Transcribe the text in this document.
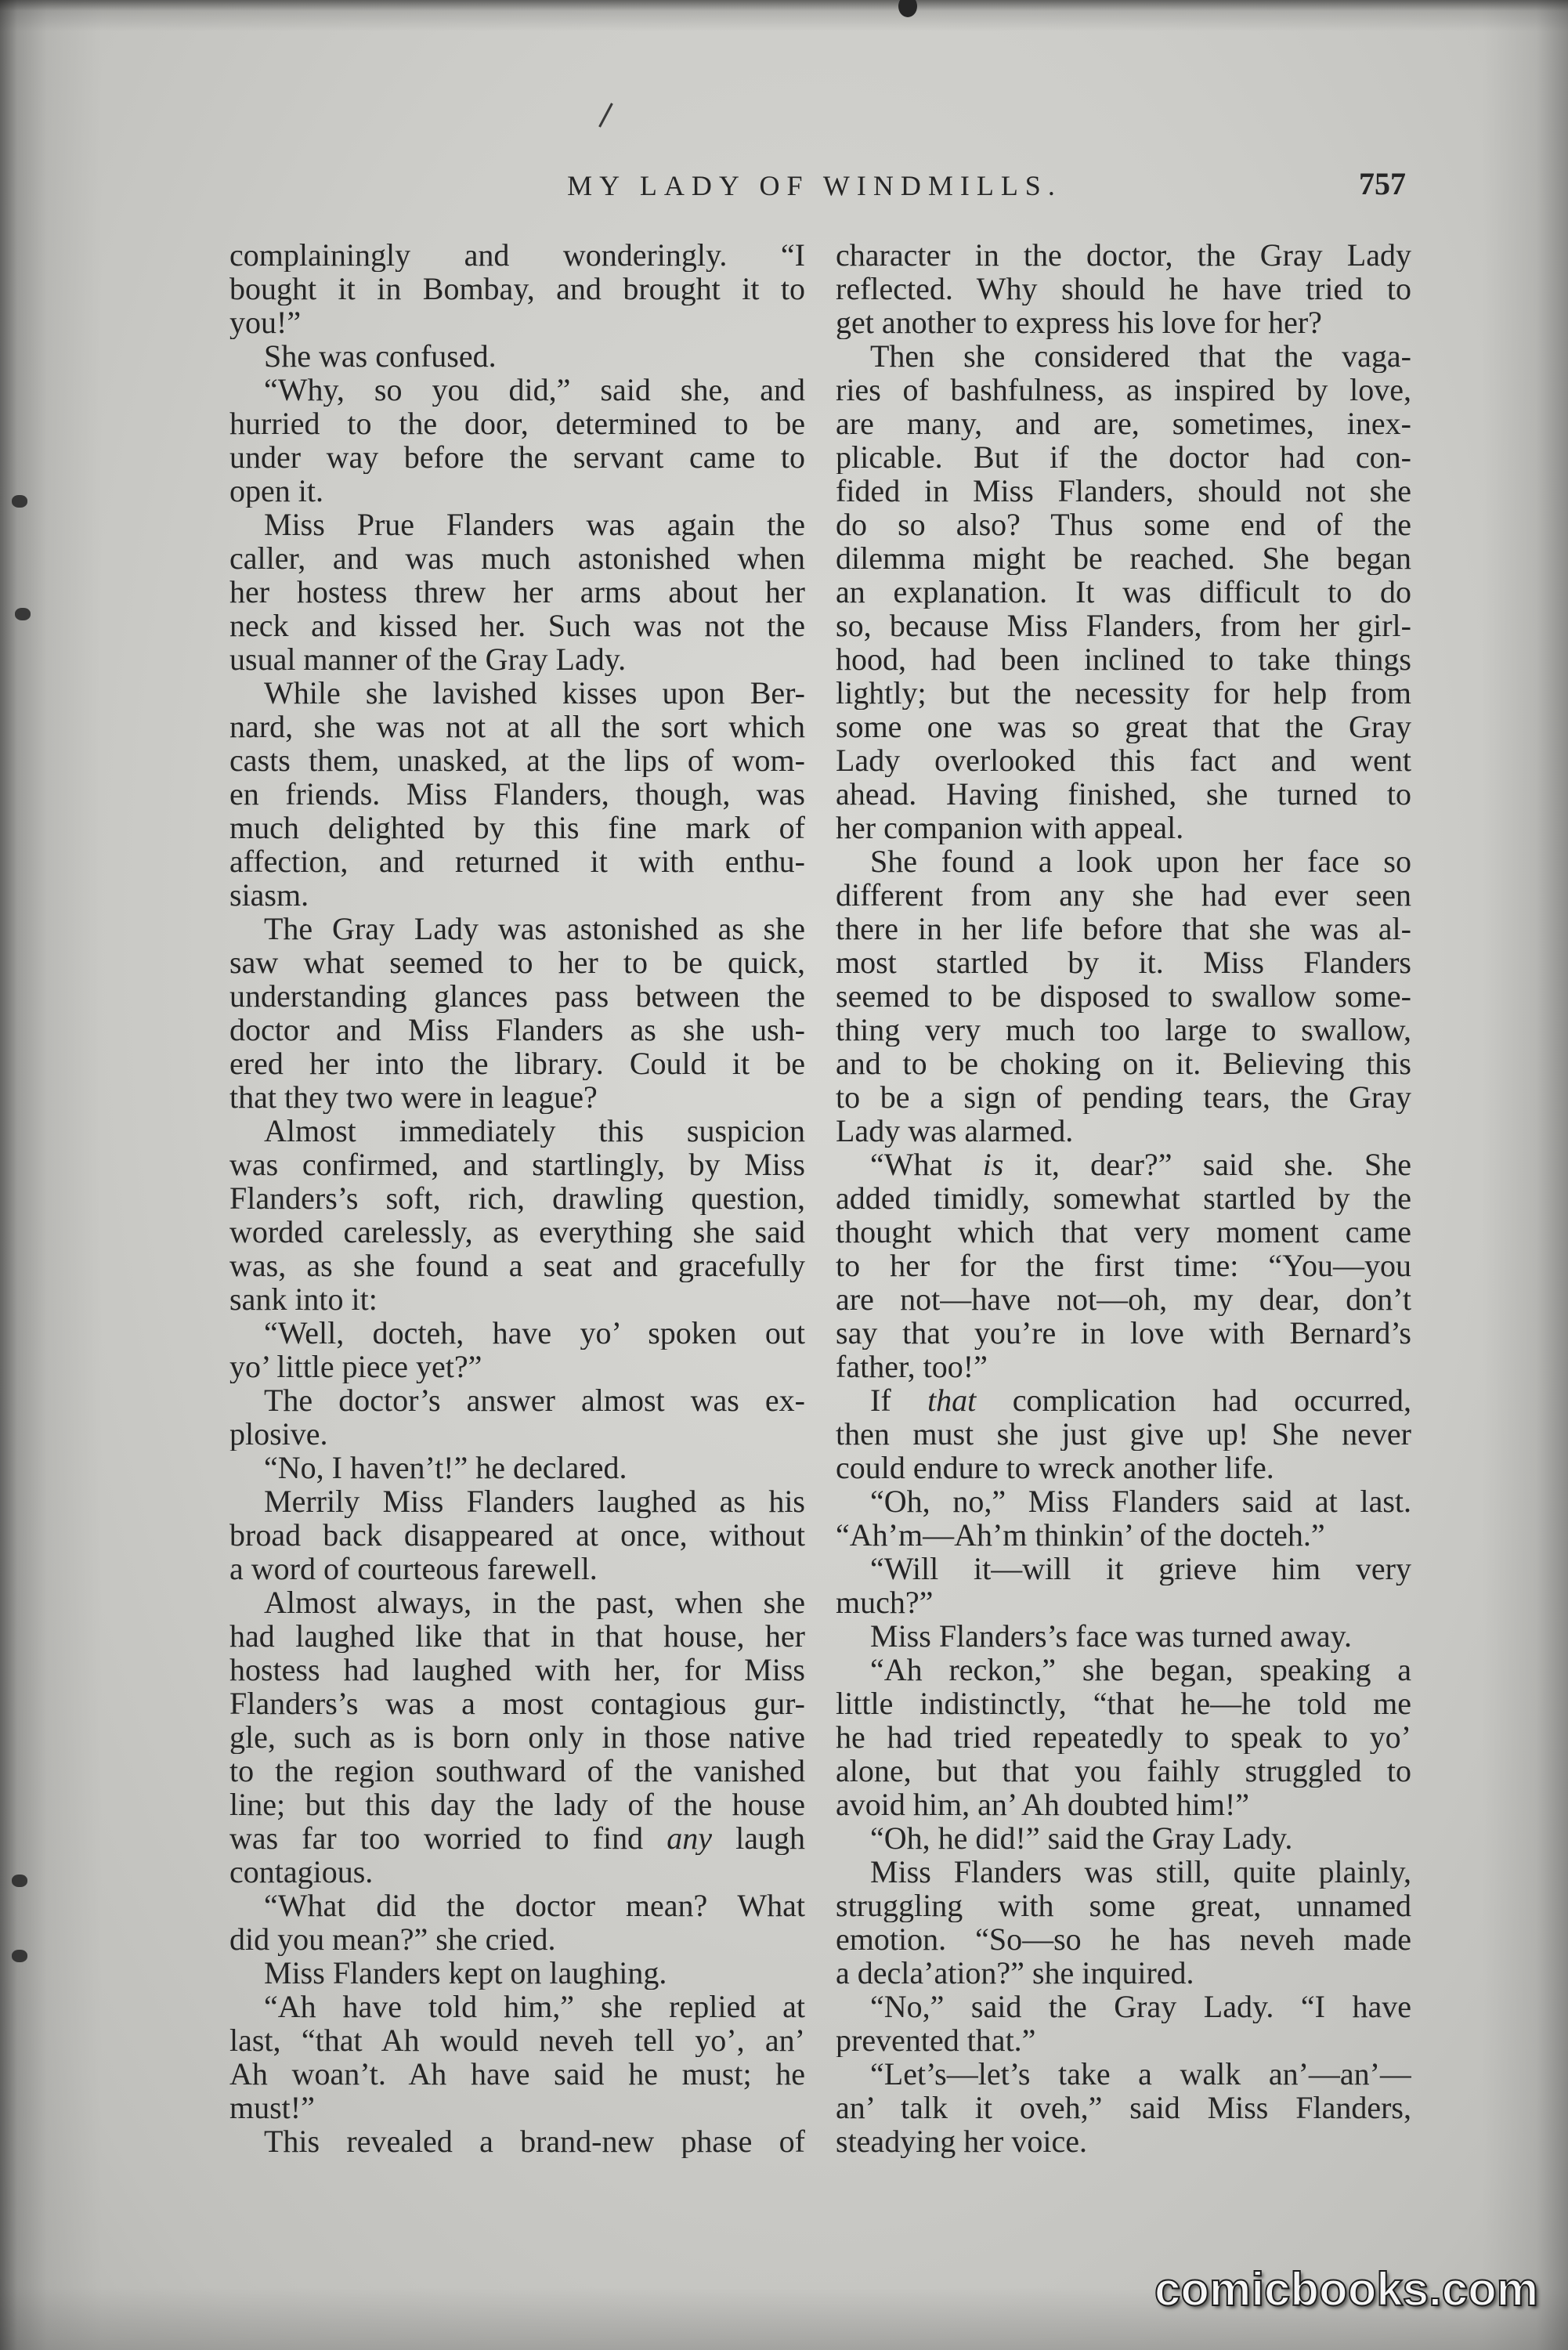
MY LADY OF WINDMILLS.	757
complainingly and wonderingly. “I
bought it in Bombay, and brought it to
you!”
She was confused.
“Why, so you did,” said she, and
hurried to the door, determined to be
under way before the servant came to
open it.
Miss Prue Flanders was again the
caller, and was much astonished when
her hostess threw her arms about her
neck and kissed her. Such was not the
usual manner of the Gray Lady.
While she lavished kisses upon Ber-
nard, she was not at all the sort which
casts them, unasked, at the lips of wom-
en friends. Miss Flanders, though, was
much delighted by this fine mark of
affection, and returned it with enthu-
siasm.
The Gray Lady was astonished as she
saw what seemed to her to be quick,
understanding glances pass between the
doctor and Miss Flanders as she ush-
ered her into the library. Could it be
that they two were in league?
Almost immediately this suspicion
was confirmed, and startlingly, by Miss
Flanders’s soft, rich, drawling question,
worded carelessly, as everything she said
was, as she found a seat and gracefully
sank into it:
“Well, docteh, have yo’ spoken out
yo’ little piece yet?”
The doctor’s answer almost was ex-
plosive.
“No, I haven’t!” he declared.
Merrily Miss Flanders laughed as his
broad back disappeared at once, without
a word of courteous farewell.
Almost always, in the past, when she
had laughed like that in that house, her
hostess had laughed with her, for Miss
Flanders’s was a most contagious gur-
gle, such as is born only in those native
to the region southward of the vanished
line; but this day the lady of the house
was far too worried to find any laugh
contagious.
“What did the doctor mean? What
did you mean?” she cried.
Miss Flanders kept on laughing.
“Ah have told him,” she replied at
last, “that Ah would neveh tell yo’, an’
Ah woan’t. Ah have said he must; he
must!”
This revealed a brand-new phase of
character in the doctor, the Gray Lady
reflected. Why should he have tried to
get another to express his love for her?
Then she considered that the vaga-
ries of bashfulness, as inspired by love,
are many, and are, sometimes, inex-
plicable. But if the doctor had con-
fided in Miss Flanders, should not she
do so also? Thus some end of the
dilemma might be reached. She began
an explanation. It was difficult to do
so, because Miss Flanders, from her girl-
hood, had been inclined to take things
lightly; but the necessity for help from
some one was so great that the Gray
Lady overlooked this fact and went
ahead. Having finished, she turned to
her companion with appeal.
She found a look upon her face so
different from any she had ever seen
there in her life before that she was al-
most startled by it. Miss Flanders
seemed to be disposed to swallow some-
thing very much too large to swallow,
and to be choking on it. Believing this
to be a sign of pending tears, the Gray
Lady was alarmed.
“What is it, dear?” said she. She
added timidly, somewhat startled by the
thought which that very moment came
to her for the first time: “You—you
are not—have not—oh, my dear, don’t
say that you’re in love with Bernard’s
father, too!”
If that complication had occurred,
then must she just give up! She never
could endure to wreck another life.
“Oh, no,” Miss Flanders said at last.
“Ah’m—Ah’m thinkin’ of the docteh.”
“Will it—will it grieve him very
much?”
Miss Flanders’s face was turned away.
“Ah reckon,” she began, speaking a
little indistinctly, “that he—he told me
he had tried repeatedly to speak to yo’
alone, but that you faihly struggled to
avoid him, an’ Ah doubted him!”
“Oh, he did!” said the Gray Lady.
Miss Flanders was still, quite plainly,
struggling with some great, unnamed
emotion. “So—so he has neveh made
a decla’ation?” she inquired.
“No,” said the Gray Lady. “I have
prevented that.”
“Let’s—let’s take a walk an’—an’—
an’ talk it oveh,” said Miss Flanders,
steadying her voice.
comicbooks.com
